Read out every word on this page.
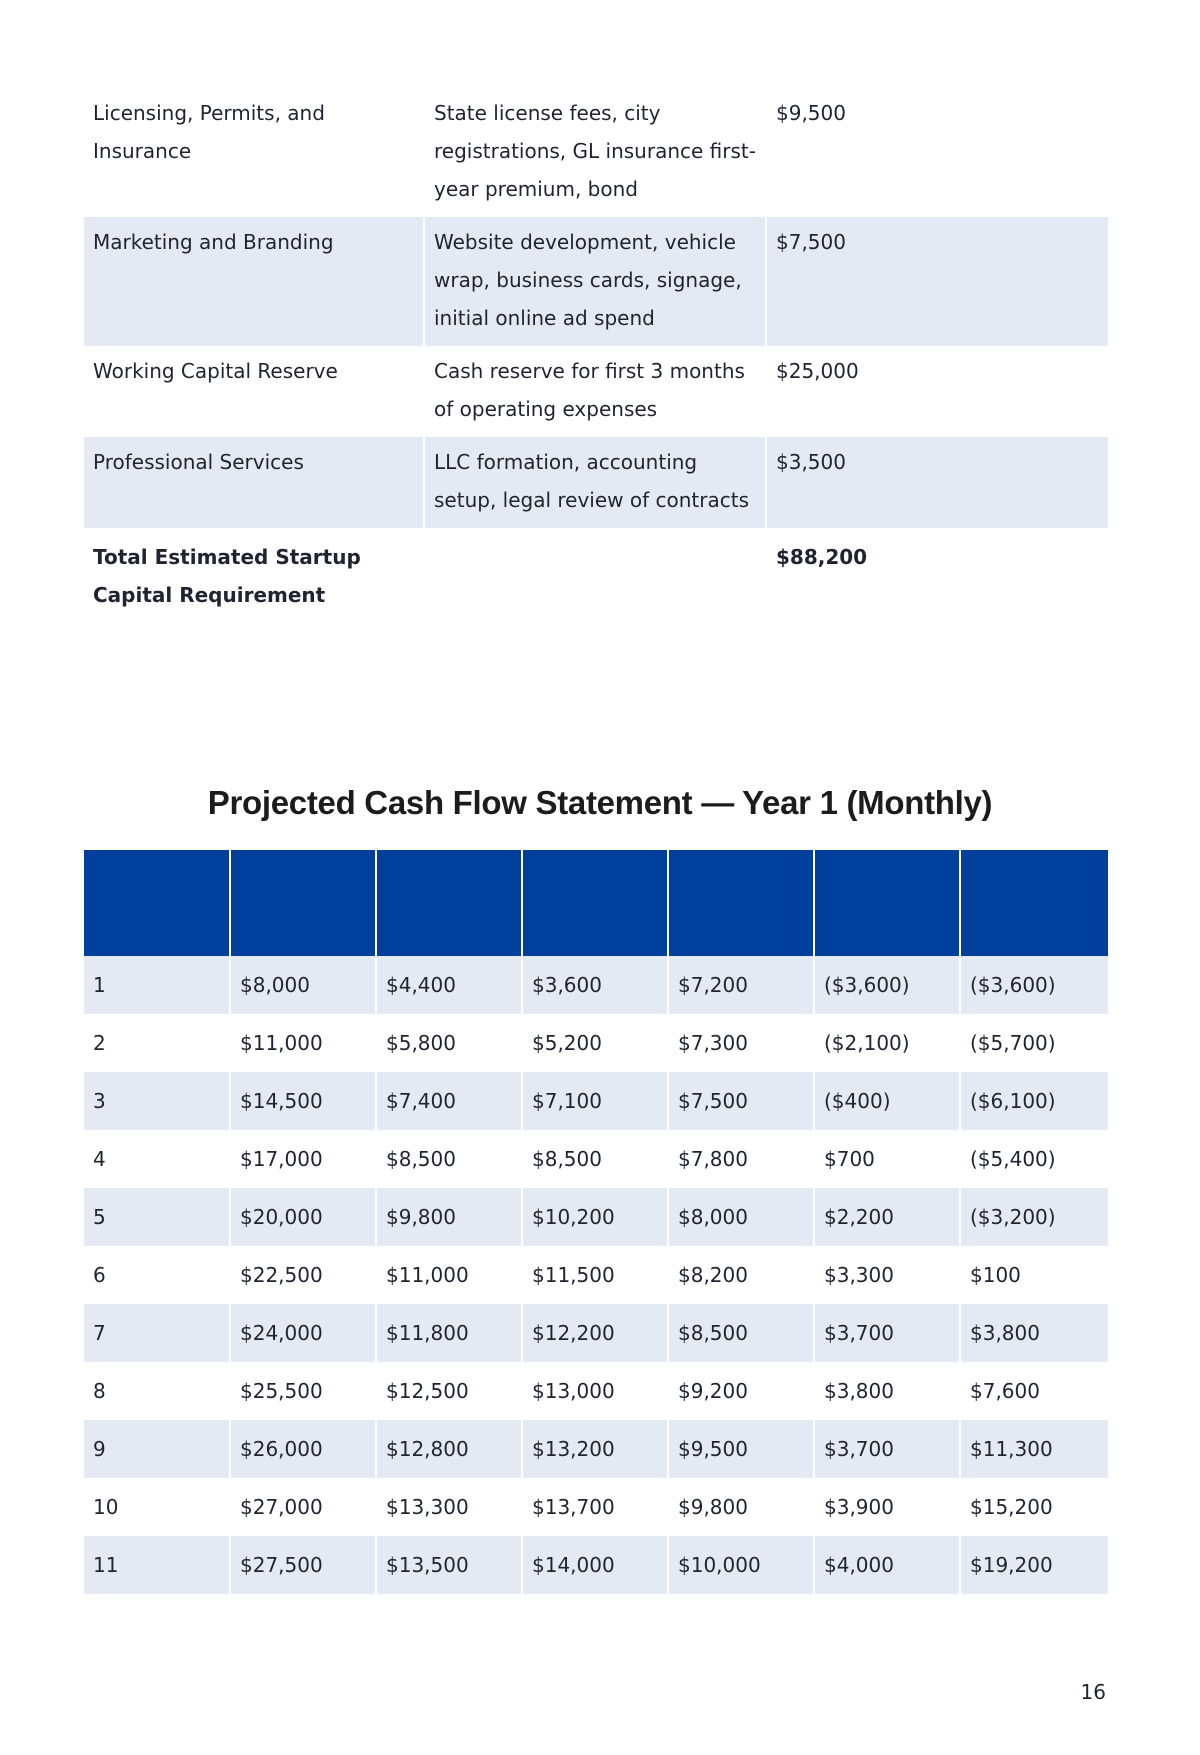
Licensing, Permits, and Insurance	State license fees, city registrations, GL insurance first-year premium, bond	$9,500
Marketing and Branding	Website development, vehicle wrap, business cards, signage, initial online ad spend	$7,500
Working Capital Reserve	Cash reserve for first 3 months of operating expenses	$25,000
Professional Services	LLC formation, accounting setup, legal review of contracts	$3,500
Total Estimated Startup Capital Requirement		$88,200
Projected Cash Flow Statement — Year 1 (Monthly)

1	$8,000	$4,400	$3,600	$7,200	($3,600)	($3,600)
2	$11,000	$5,800	$5,200	$7,300	($2,100)	($5,700)
3	$14,500	$7,400	$7,100	$7,500	($400)	($6,100)
4	$17,000	$8,500	$8,500	$7,800	$700	($5,400)
5	$20,000	$9,800	$10,200	$8,000	$2,200	($3,200)
6	$22,500	$11,000	$11,500	$8,200	$3,300	$100
7	$24,000	$11,800	$12,200	$8,500	$3,700	$3,800
8	$25,500	$12,500	$13,000	$9,200	$3,800	$7,600
9	$26,000	$12,800	$13,200	$9,500	$3,700	$11,300
10	$27,000	$13,300	$13,700	$9,800	$3,900	$15,200
11	$27,500	$13,500	$14,000	$10,000	$4,000	$19,200
16
